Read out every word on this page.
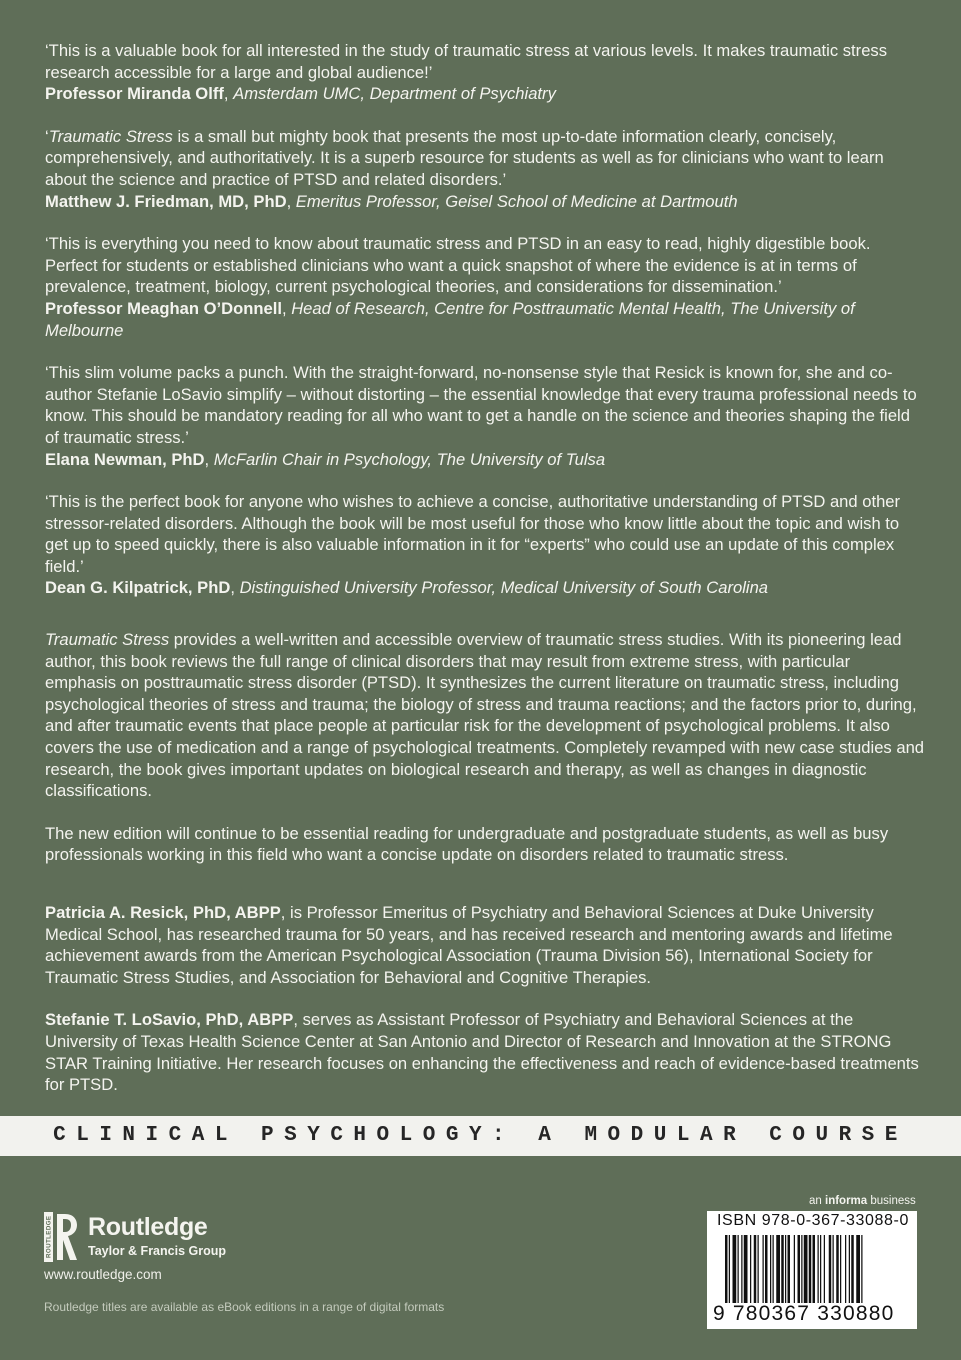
‘This is a valuable book for all interested in the study of traumatic stress at various levels. It makes traumatic stress research accessible for a large and global audience!’

Professor Miranda Olff, Amsterdam UMC, Department of Psychiatry

‘Traumatic Stress is a small but mighty book that presents the most up-to-date information clearly, concisely, comprehensively, and authoritatively. It is a superb resource for students as well as for clinicians who want to learn about the science and practice of PTSD and related disorders.’

Matthew J. Friedman, MD, PhD, Emeritus Professor, Geisel School of Medicine at Dartmouth

‘This is everything you need to know about traumatic stress and PTSD in an easy to read, highly digestible book. Perfect for students or established clinicians who want a quick snapshot of where the evidence is at in terms of prevalence, treatment, biology, current psychological theories, and considerations for dissemination.’

Professor Meaghan O’Donnell, Head of Research, Centre for Posttraumatic Mental Health, The University of Melbourne

‘This slim volume packs a punch. With the straight-forward, no-nonsense style that Resick is known for, she and co-author Stefanie LoSavio simplify – without distorting – the essential knowledge that every trauma professional needs to know. This should be mandatory reading for all who want to get a handle on the science and theories shaping the field of traumatic stress.’

Elana Newman, PhD, McFarlin Chair in Psychology, The University of Tulsa

‘This is the perfect book for anyone who wishes to achieve a concise, authoritative understanding of PTSD and other stressor-related disorders. Although the book will be most useful for those who know little about the topic and wish to get up to speed quickly, there is also valuable information in it for “experts” who could use an update of this complex field.’

Dean G. Kilpatrick, PhD, Distinguished University Professor, Medical University of South Carolina

Traumatic Stress provides a well-written and accessible overview of traumatic stress studies. With its pioneering lead author, this book reviews the full range of clinical disorders that may result from extreme stress, with particular emphasis on posttraumatic stress disorder (PTSD). It synthesizes the current literature on traumatic stress, including psychological theories of stress and trauma; the biology of stress and trauma reactions; and the factors prior to, during, and after traumatic events that place people at particular risk for the development of psychological problems. It also covers the use of medication and a range of psychological treatments. Completely revamped with new case studies and research, the book gives important updates on biological research and therapy, as well as changes in diagnostic classifications.

The new edition will continue to be essential reading for undergraduate and postgraduate students, as well as busy professionals working in this field who want a concise update on disorders related to traumatic stress.

Patricia A. Resick, PhD, ABPP, is Professor Emeritus of Psychiatry and Behavioral Sciences at Duke University Medical School, has researched trauma for 50 years, and has received research and mentoring awards and lifetime achievement awards from the American Psychological Association (Trauma Division 56), International Society for Traumatic Stress Studies, and Association for Behavioral and Cognitive Therapies.

Stefanie T. LoSavio, PhD, ABPP, serves as Assistant Professor of Psychiatry and Behavioral Sciences at the University of Texas Health Science Center at San Antonio and Director of Research and Innovation at the STRONG STAR Training Initiative. Her research focuses on enhancing the effectiveness and reach of evidence-based treatments for PTSD.

CLINICAL PSYCHOLOGY: A MODULAR COURSE
ROUTLEDGE Routledge
Taylor & Francis Group
www.routledge.com
Routledge titles are available as eBook editions in a range of digital formats
an informa business
ISBN 978-0-367-33088-0
9 780367 330880
